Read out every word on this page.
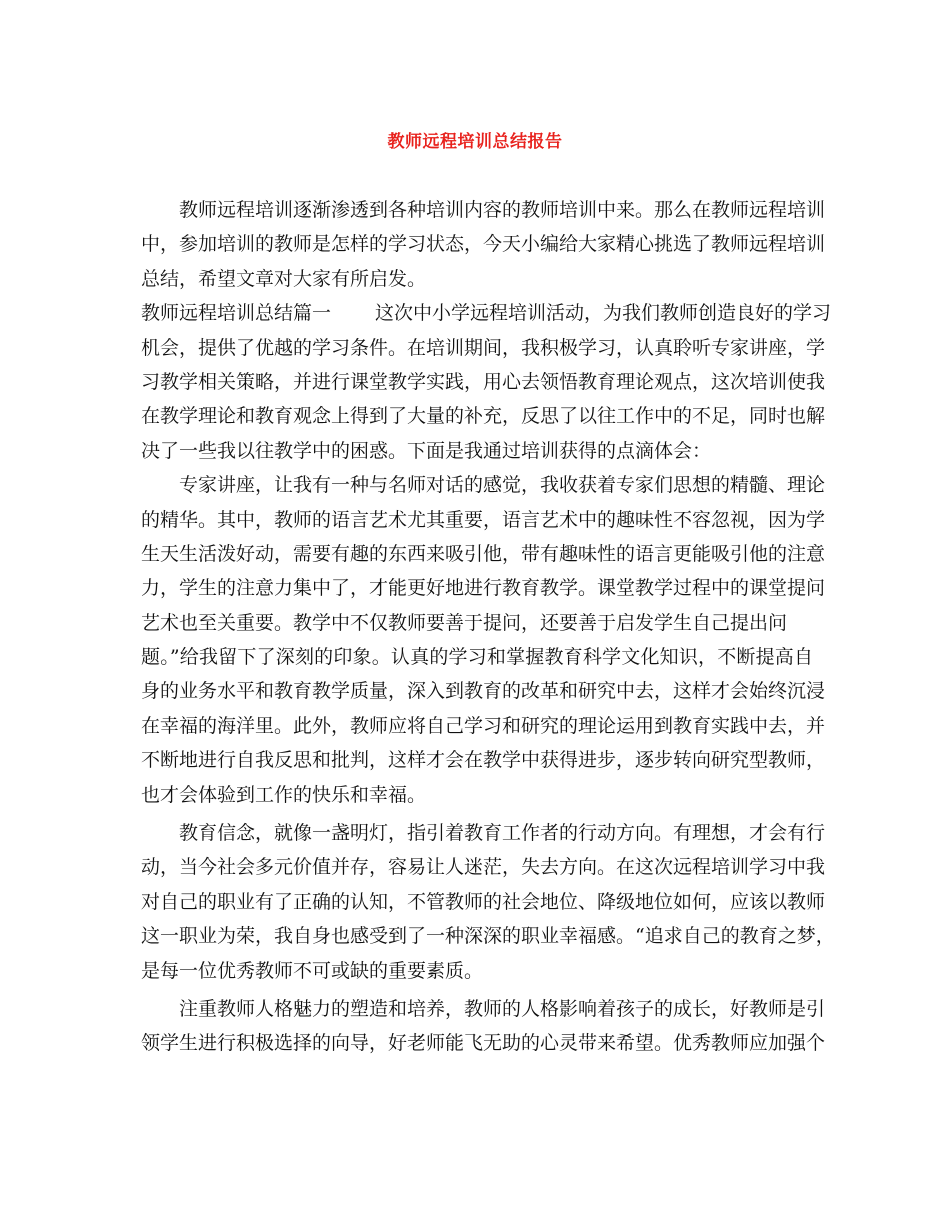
教师远程培训总结报告
教师远程培训逐渐渗透到各种培训内容的教师培训中来。那么在教师远程培训
中，参加培训的教师是怎样的学习状态，今天小编给大家精心挑选了教师远程培训
总结，希望文章对大家有所启发。
教师远程培训总结篇一 这次中小学远程培训活动，为我们教师创造良好的学习
机会，提供了优越的学习条件。在培训期间，我积极学习，认真聆听专家讲座，学
习教学相关策略，并进行课堂教学实践，用心去领悟教育理论观点，这次培训使我
在教学理论和教育观念上得到了大量的补充，反思了以往工作中的不足，同时也解
决了一些我以往教学中的困惑。下面是我通过培训获得的点滴体会：
专家讲座，让我有一种与名师对话的感觉，我收获着专家们思想的精髓、理论
的精华。其中，教师的语言艺术尤其重要，语言艺术中的趣味性不容忽视，因为学
生天生活泼好动，需要有趣的东西来吸引他，带有趣味性的语言更能吸引他的注意
力，学生的注意力集中了，才能更好地进行教育教学。课堂教学过程中的课堂提问
艺术也至关重要。教学中不仅教师要善于提问，还要善于启发学生自己提出问
题。”给我留下了深刻的印象。认真的学习和掌握教育科学文化知识，不断提高自
身的业务水平和教育教学质量，深入到教育的改革和研究中去，这样才会始终沉浸
在幸福的海洋里。此外，教师应将自己学习和研究的理论运用到教育实践中去，并
不断地进行自我反思和批判，这样才会在教学中获得进步，逐步转向研究型教师，
也才会体验到工作的快乐和幸福。
教育信念，就像一盏明灯，指引着教育工作者的行动方向。有理想，才会有行
动，当今社会多元价值并存，容易让人迷茫，失去方向。在这次远程培训学习中我
对自己的职业有了正确的认知，不管教师的社会地位、降级地位如何，应该以教师
这一职业为荣，我自身也感受到了一种深深的职业幸福感。“追求自己的教育之梦，
是每一位优秀教师不可或缺的重要素质。
注重教师人格魅力的塑造和培养，教师的人格影响着孩子的成长，好教师是引
领学生进行积极选择的向导，好老师能飞无助的心灵带来希望。优秀教师应加强个
